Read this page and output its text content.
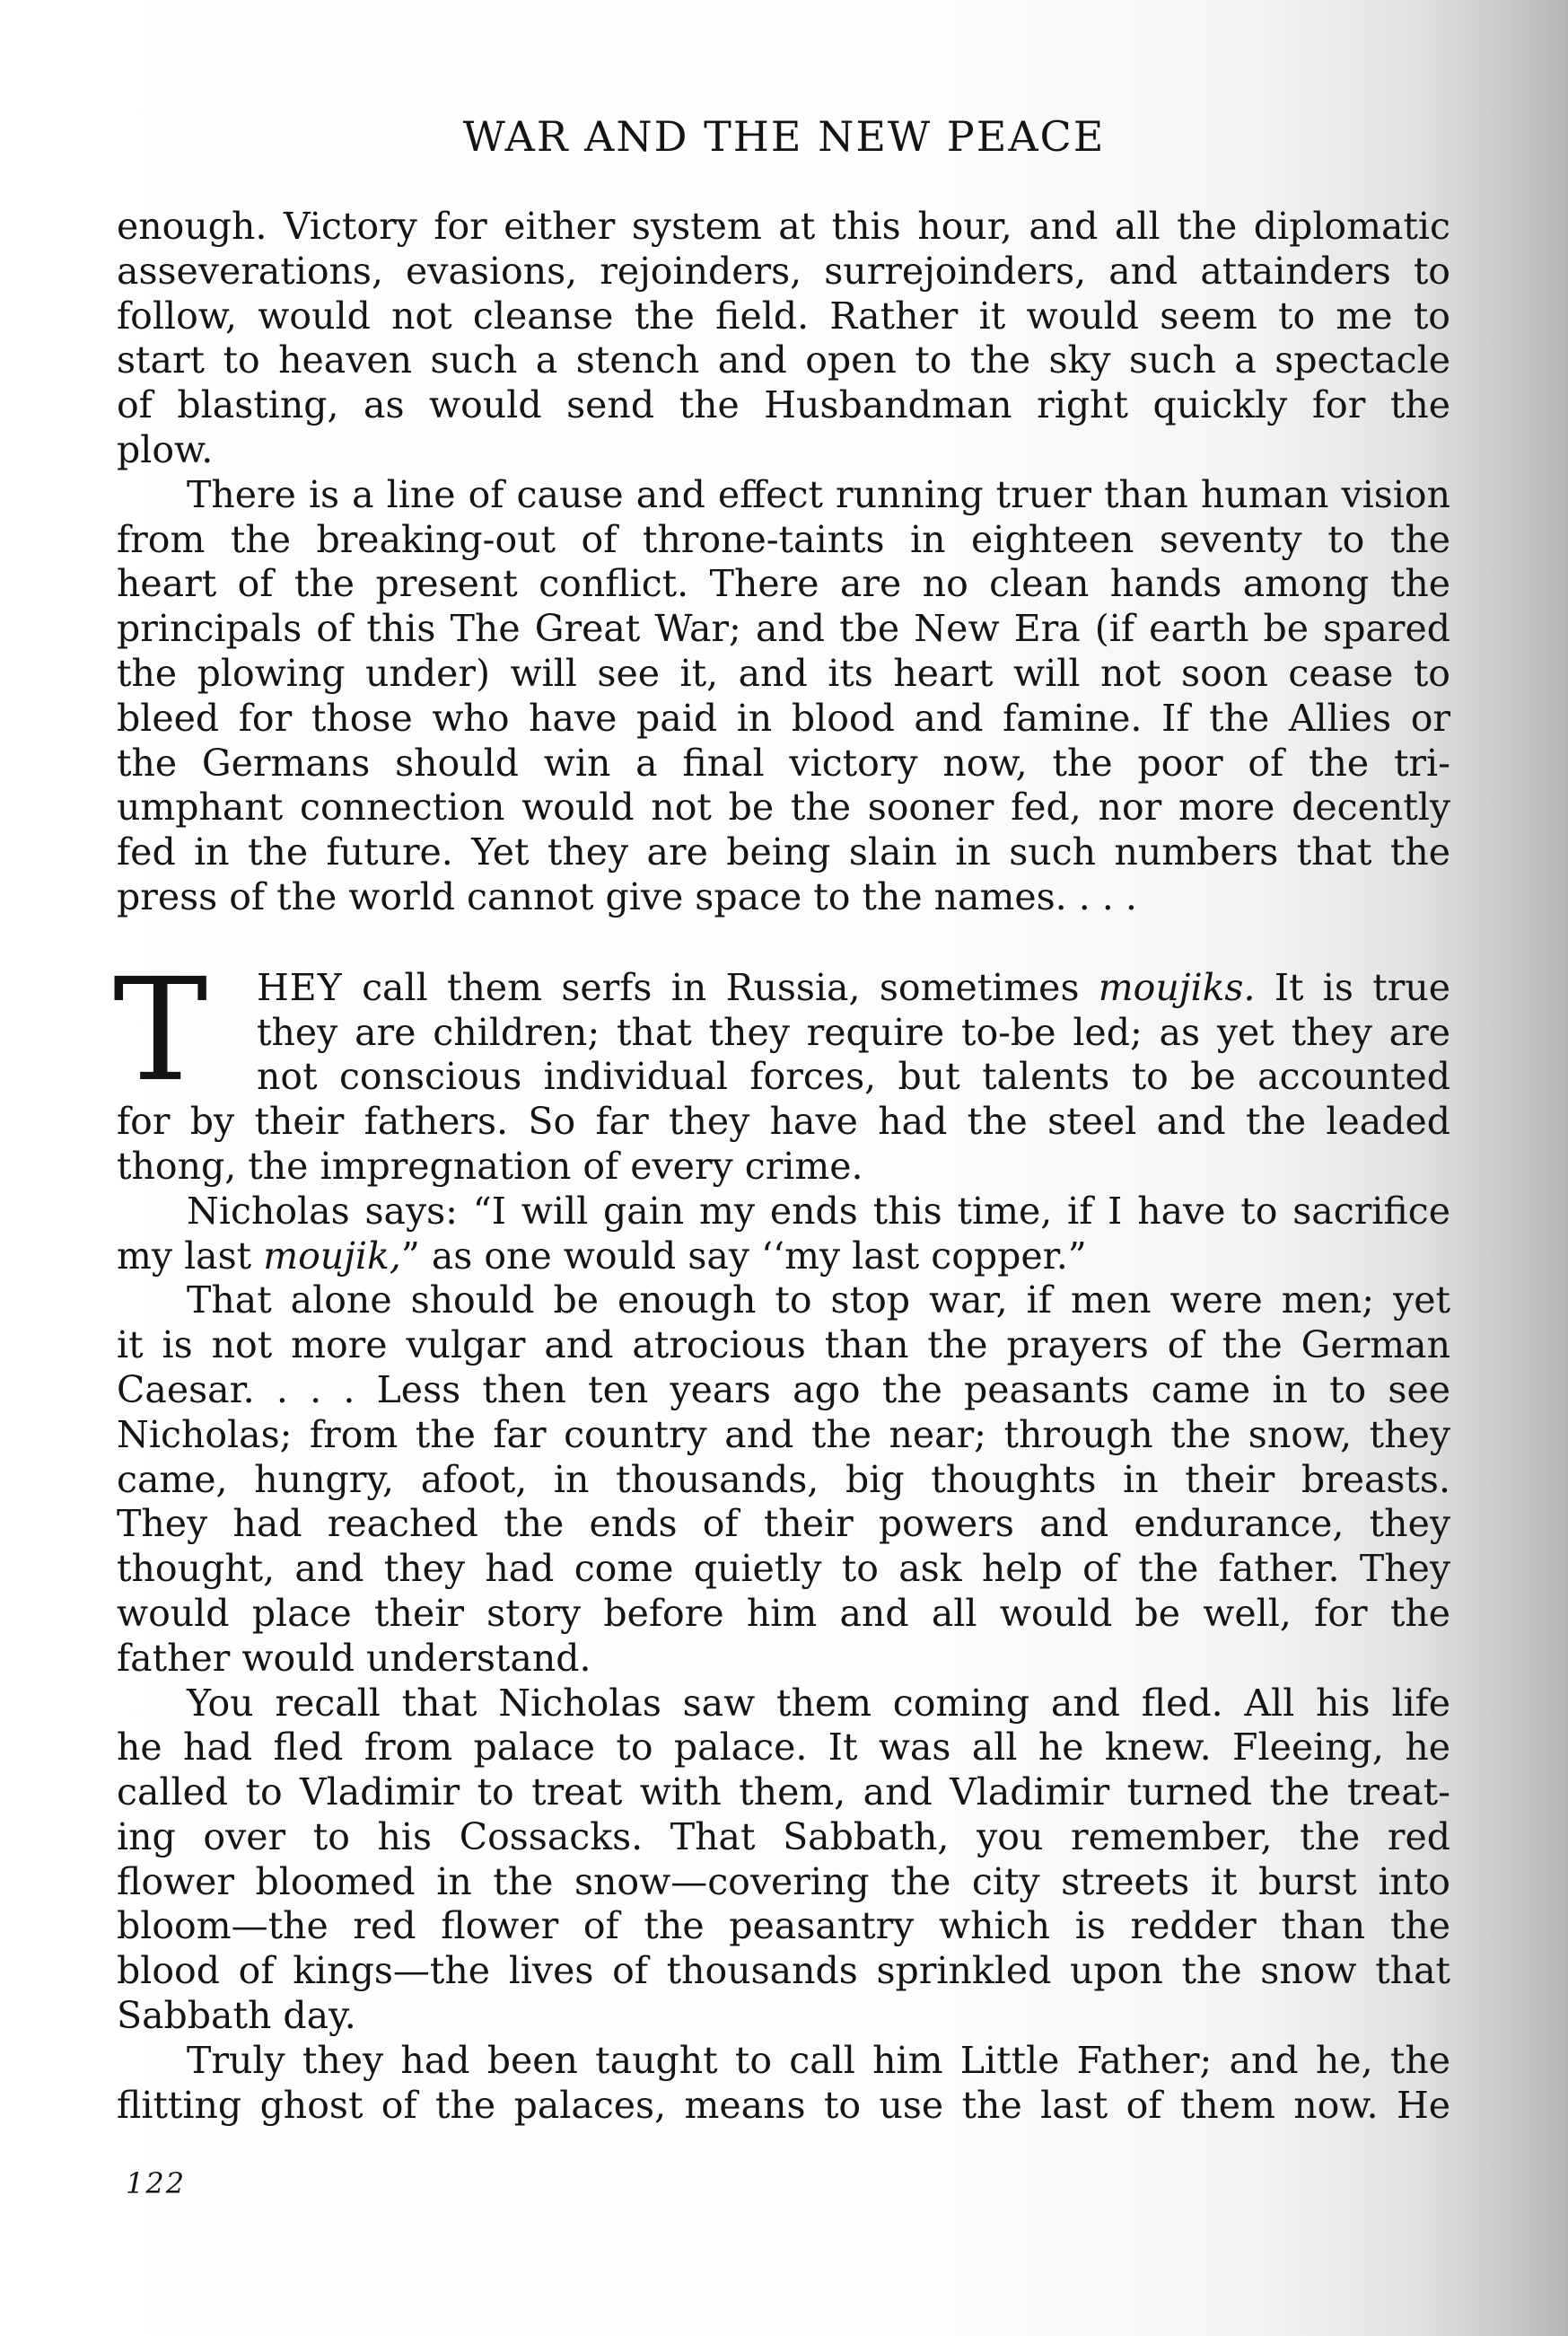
WAR AND THE NEW PEACE
enough. Victory for either system at this hour, and all the diplomatic
asseverations, evasions, rejoinders, surrejoinders, and attainders to
follow, would not cleanse the field. Rather it would seem to me to
start to heaven such a stench and open to the sky such a spectacle
of blasting, as would send the Husbandman right quickly for the
plow.
There is a line of cause and effect running truer than human vision
from the breaking-out of throne-taints in eighteen seventy to the
heart of the present conflict. There are no clean hands among the
principals of this The Great War; and tbe New Era (if earth be spared
the plowing under) will see it, and its heart will not soon cease to
bleed for those who have paid in blood and famine. If the Allies or
the Germans should win a final victory now, the poor of the tri-
umphant connection would not be the sooner fed, nor more decently
fed in the future. Yet they are being slain in such numbers that the
press of the world cannot give space to the names. . . .
T	HEY call them serfs in Russia, sometimes moujiks. It is true
they are children; that they require to-be led; as yet they are
not conscious individual forces, but talents to be accounted
for by their fathers. So far they have had the steel and the leaded
thong, the impregnation of every crime.
Nicholas says: “I will gain my ends this time, if I have to sacrifice
my last moujik,” as one would say ‘‘my last copper.”
That alone should be enough to stop war, if men were men; yet
it is not more vulgar and atrocious than the prayers of the German
Caesar. . . . Less then ten years ago the peasants came in to see
Nicholas; from the far country and the near; through the snow, they
came, hungry, afoot, in thousands, big thoughts in their breasts.
They had reached the ends of their powers and endurance, they
thought, and they had come quietly to ask help of the father. They
would place their story before him and all would be well, for the
father would understand.
You recall that Nicholas saw them coming and fled. All his life
he had fled from palace to palace. It was all he knew. Fleeing, he
called to Vladimir to treat with them, and Vladimir turned the treat-
ing over to his Cossacks. That Sabbath, you remember, the red
flower bloomed in the snow—covering the city streets it burst into
bloom—the red flower of the peasantry which is redder than the
blood of kings—the lives of thousands sprinkled upon the snow that
Sabbath day.
Truly they had been taught to call him Little Father; and he, the
flitting ghost of the palaces, means to use the last of them now. He
122
